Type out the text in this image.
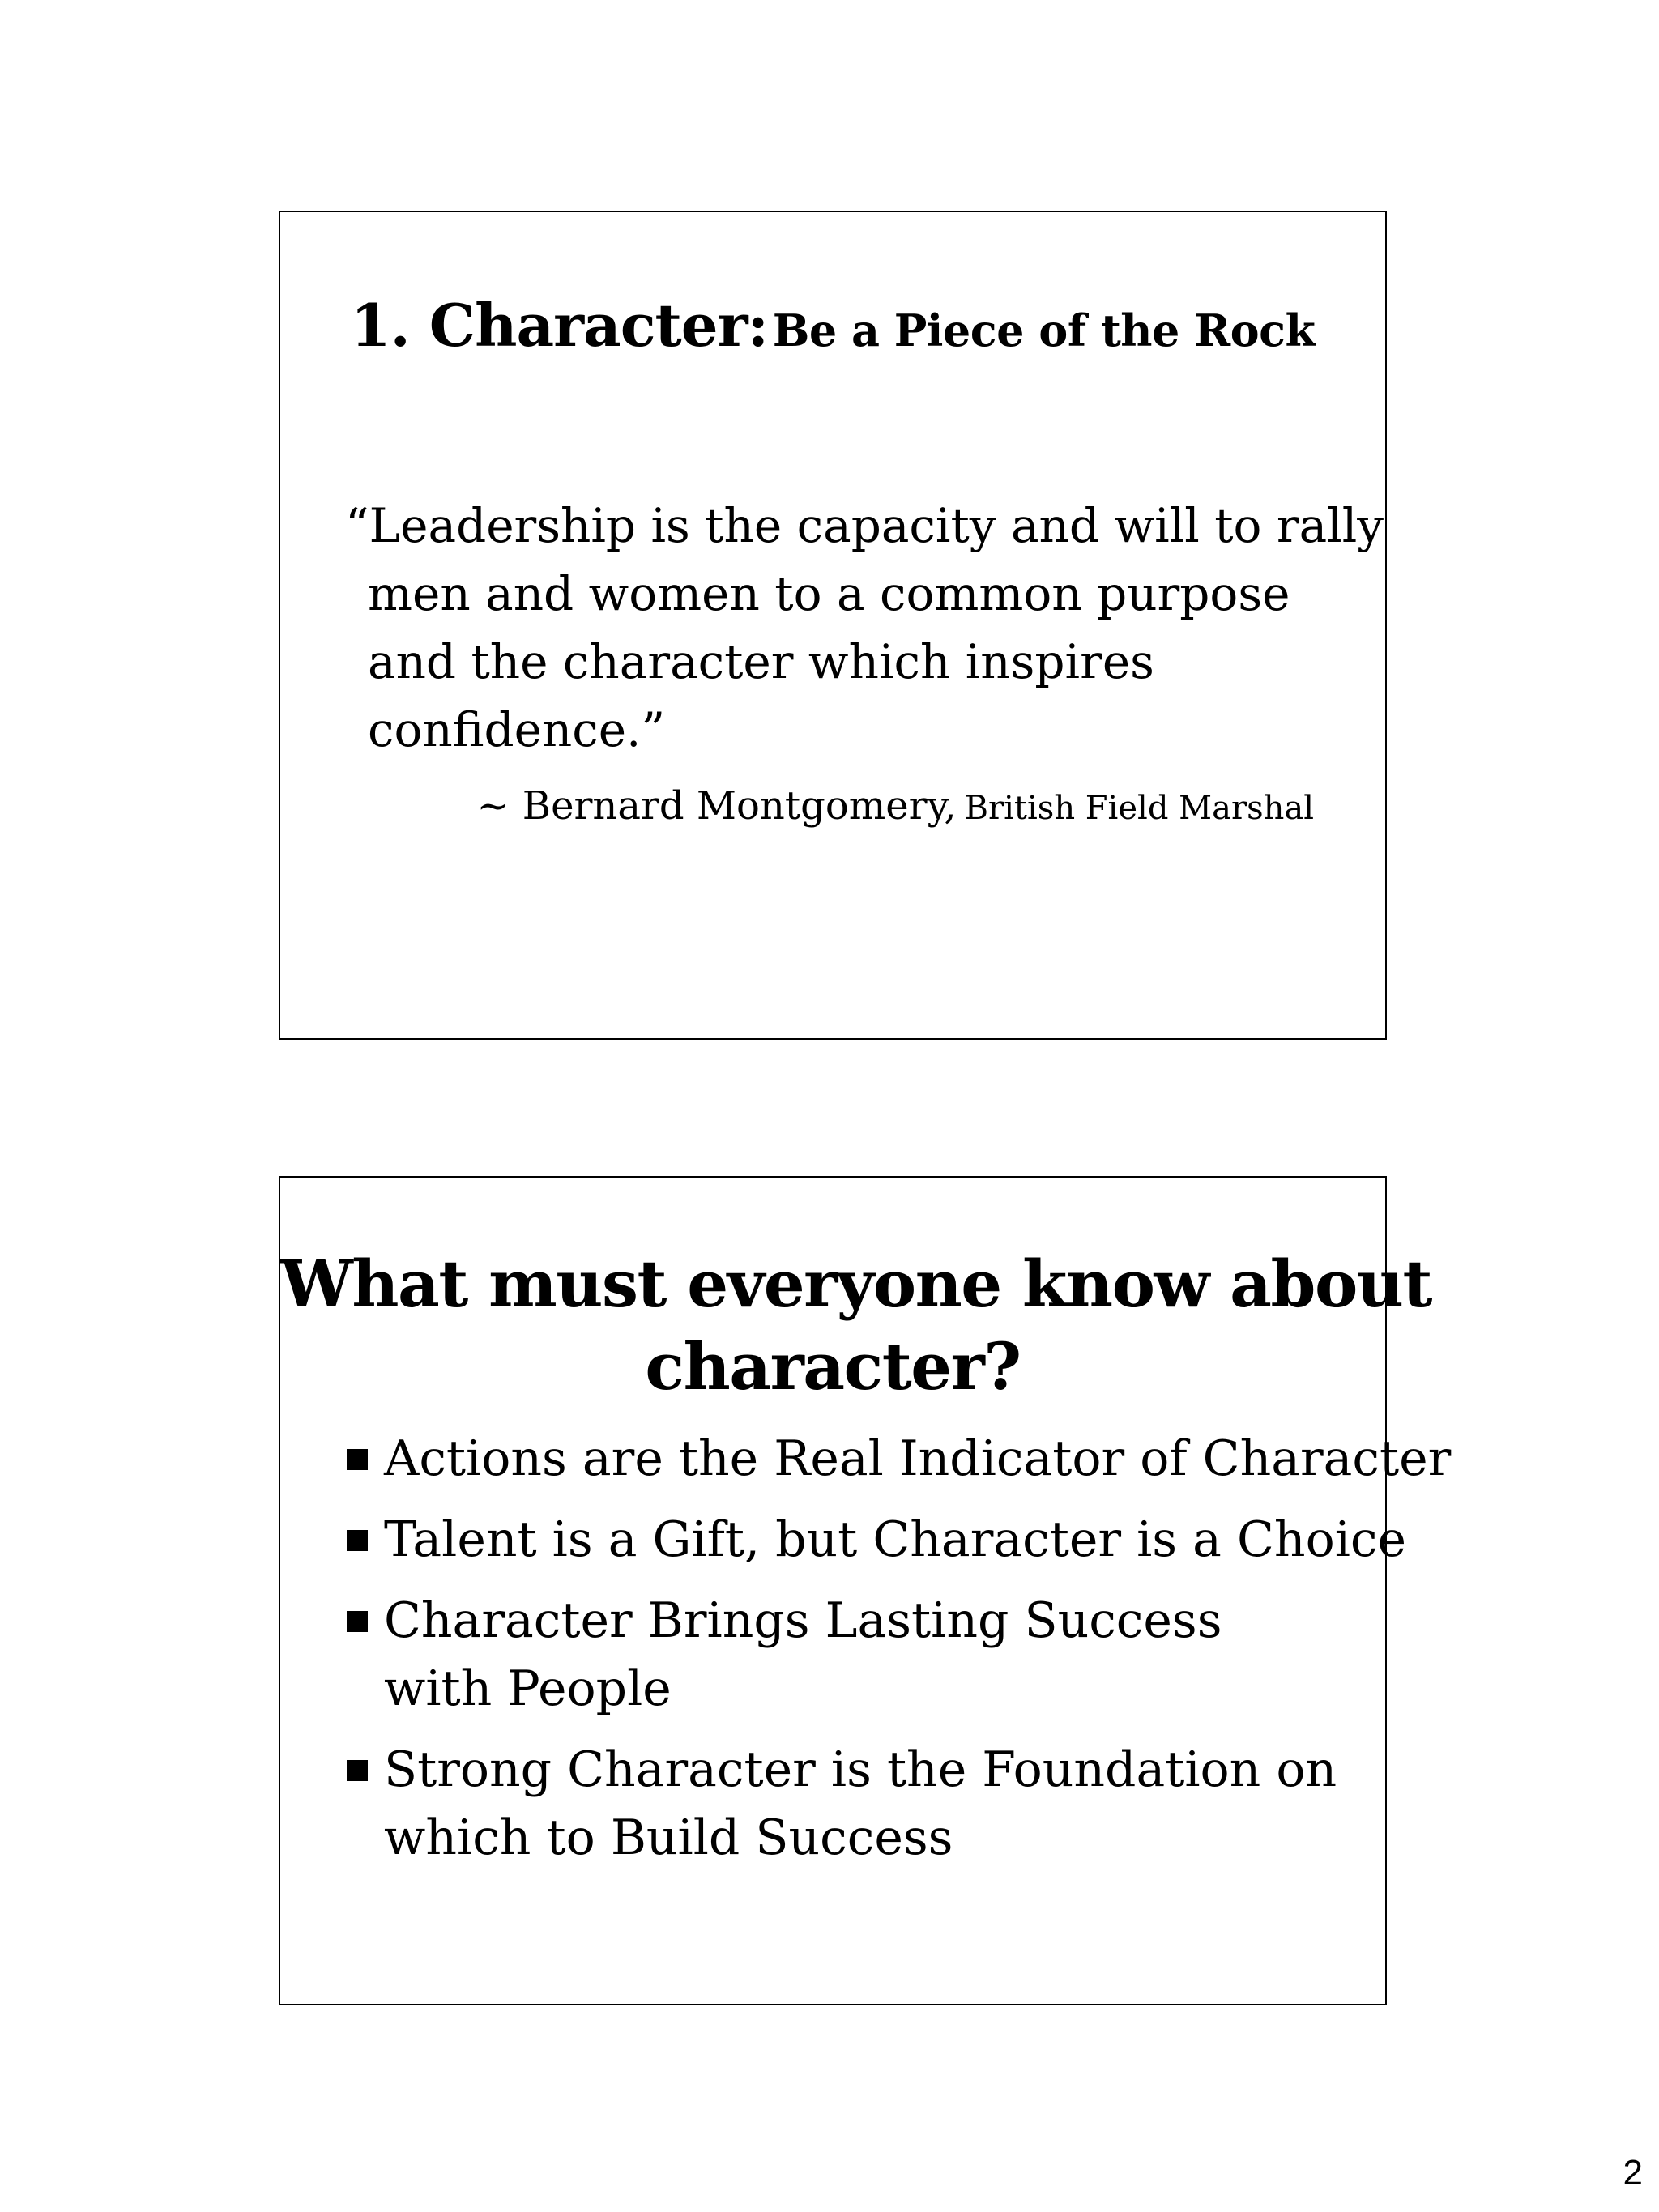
1. Character: Be a Piece of the Rock
“Leadership is the capacity and will to rally
men and women to a common purpose
and the character which inspires
confidence.”
~ Bernard Montgomery, British Field Marshal
What must everyone know about
character?
Actions are the Real Indicator of Character
Talent is a Gift, but Character is a Choice
Character Brings Lasting Success
with People
Strong Character is the Foundation on
which to Build Success
2
